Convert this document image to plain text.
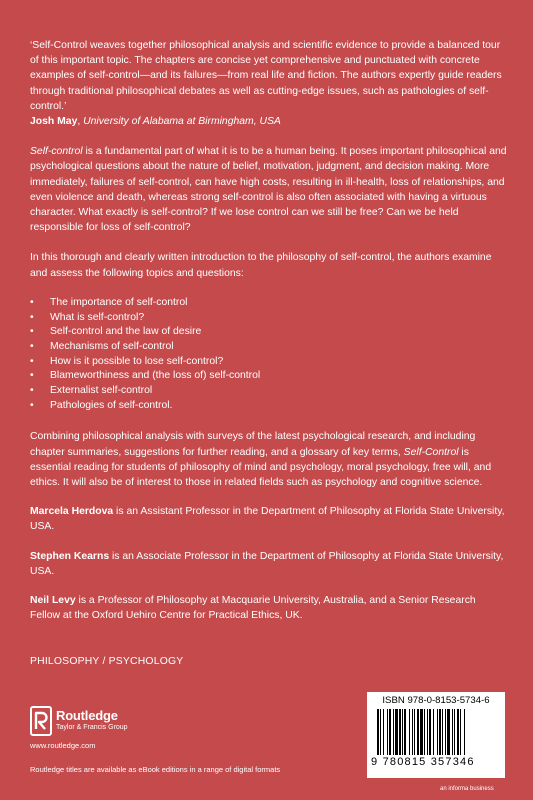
‘Self-Control weaves together philosophical analysis and scientific evidence to provide a balanced tour of this important topic. The chapters are concise yet comprehensive and punctuated with concrete examples of self-control—and its failures—from real life and fiction. The authors expertly guide readers through traditional philosophical debates as well as cutting-edge issues, such as pathologies of self-control.’
Josh May, University of Alabama at Birmingham, USA

Self-control is a fundamental part of what it is to be a human being. It poses important philosophical and psychological questions about the nature of belief, motivation, judgment, and decision making. More immediately, failures of self-control, can have high costs, resulting in ill-health, loss of relationships, and even violence and death, whereas strong self-control is also often associated with having a virtuous character. What exactly is self-control? If we lose control can we still be free? Can we be held responsible for loss of self-control?

In this thorough and clearly written introduction to the philosophy of self-control, the authors examine and assess the following topics and questions:

• The importance of self-control
• What is self-control?
• Self-control and the law of desire
• Mechanisms of self-control
• How is it possible to lose self-control?
• Blameworthiness and (the loss of) self-control
• Externalist self-control
• Pathologies of self-control.

Combining philosophical analysis with surveys of the latest psychological research, and including chapter summaries, suggestions for further reading, and a glossary of key terms, Self-Control is essential reading for students of philosophy of mind and psychology, moral psychology, free will, and ethics. It will also be of interest to those in related fields such as psychology and cognitive science.

Marcela Herdova is an Assistant Professor in the Department of Philosophy at Florida State University, USA.

Stephen Kearns is an Associate Professor in the Department of Philosophy at Florida State University, USA.

Neil Levy is a Professor of Philosophy at Macquarie University, Australia, and a Senior Research Fellow at the Oxford Uehiro Centre for Practical Ethics, UK.

PHILOSOPHY / PSYCHOLOGY
Routledge
Taylor & Francis Group
www.routledge.com
Routledge titles are available as eBook editions in a range of digital formats
ISBN 978-0-8153-5734-6
9 780815 357346
an informa business
